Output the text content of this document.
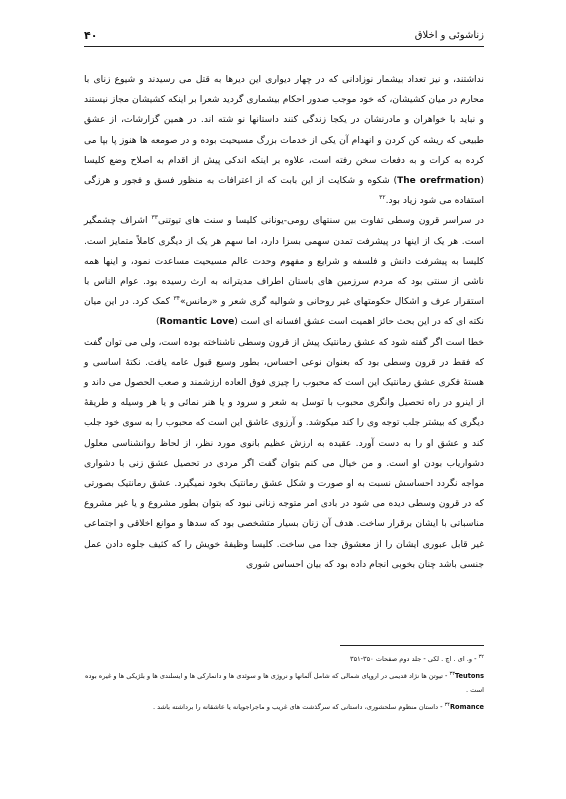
زناشوئی و اخلاق
۴۰

نداشتند، و نیز تعداد بیشمار نوزادانی که در چهار دیواری این دیرها به قتل می رسیدند و شیوع زنای با محارم در میان کشیشان، که خود موجب صدور احکام بیشماری گردید شعرا بر اینکه کشیشان مجاز نیستند و نباید با خواهران و مادرنشان در یکجا زندگی کنند داستانها نو شته اند. در همین گزارشات، از عشق طبیعی که ریشه کن کردن و انهدام آن یکی از خدمات بزرگ مسیحیت بوده و در صومعه ها هنوز پا بپا می کرده به کرات و به دفعات سخن رفته است، علاوه بر اینکه اندکی پیش از اقدام به اصلاح وضع کلیسا (The orefrmation) شکوه و شکایت از این بابت که از اعترافات به منظور فسق و فجور و هرزگی استفاده می شود زیاد بود.$^{۳۲}$

در سراسر قرون وسطی تفاوت بین سنتهای رومی-یونانی کلیسا و سنت های تیوتنی$^{۳۳}$ اشراف چشمگیر است. هر یک از اینها در پیشرفت تمدن سهمی بسزا دارد، اما سهم هر یک از دیگری کاملاً متمایز است. کلیسا به پیشرفت دانش و فلسفه و شرایع و مفهوم وحدت عالم مسیحیت مساعدت نمود، و اینها همه ناشی از سنتی بود که مردم سرزمین های باستان اطراف مدیترانه به ارث رسیده بود. عوام الناس با استقرار عرف و اشکال حکومتهای غیر روحانی و شوالیه گری شعر و «رمانس»$^{۳۴}$ کمک کرد. در این میان نکته ای که در این بحث حائز اهمیت است عشق افسانه ای است (Romantic Love)

خطا است اگر گفته شود که عشق رمانتیک پیش از قرون وسطی ناشناخته بوده است، ولی می توان گفت که فقط در قرون وسطی بود که بعنوان نوعی احساس، بطور وسیع قبول عامه یافت. نکتهٔ اساسی و هستهٔ فکری عشق رمانتیک این است که محبوب را چیزی فوق العاده ارزشمند و صعب الحصول می داند و از اینرو در راه تحصیل وانگری محبوب با توسل به شعر و سرود و یا هنر نمائی و یا هر وسیله و طریقهٔ دیگری که بیشتر جلب توجه وی را کند میکوشد. و آرزوی عاشق این است که محبوب را به سوی خود جلب کند و عشق او را به دست آورد. عقیده به ارزش عظیم بانوی مورد نظر، از لحاظ روانشناسی معلول دشواریاب بودن او است. و من خیال می کنم بتوان گفت اگر مردی در تحصیل عشق زنی با دشواری مواجه نگردد احساسش نسبت به او صورت و شکل عشق رمانتیک بخود نمیگیرد. عشق رمانتیک بصورتی که در قرون وسطی دیده می شود در بادی امر متوجه زنانی نبود که بتوان بطور مشروع و یا غیر مشروع مناسباتی با ایشان برقرار ساخت. هدف آن زنان بسیار متشخصی بود که سدها و موانع اخلاقی و اجتماعی غیر قابل عبوری ایشان را از معشوق جدا می ساخت. کلیسا وظیفهٔ خویش را که کثیف جلوه دادن عمل جنسی باشد چنان بخوبی انجام داده بود که بیان احساس شوری

$^{۳۲}$ - و. ای . اچ . لکی - جلد دوم صفحات ۳۵۰-۳۵۱

$^{۳۳}$Teutons - تیوتن ها نژاد قدیمی در اروپای شمالی که شامل آلمانها و نروژی ها و سوئدی ها و دانمارکی ها و ایسلندی ها و بلژیکی ها و غیره بوده است .

$^{۳۴}$Romance - داستان منظوم سلحشوری، داستانی که سرگذشت های غریب و ماجراجویانه یا عاشقانه را برداشته باشد .
